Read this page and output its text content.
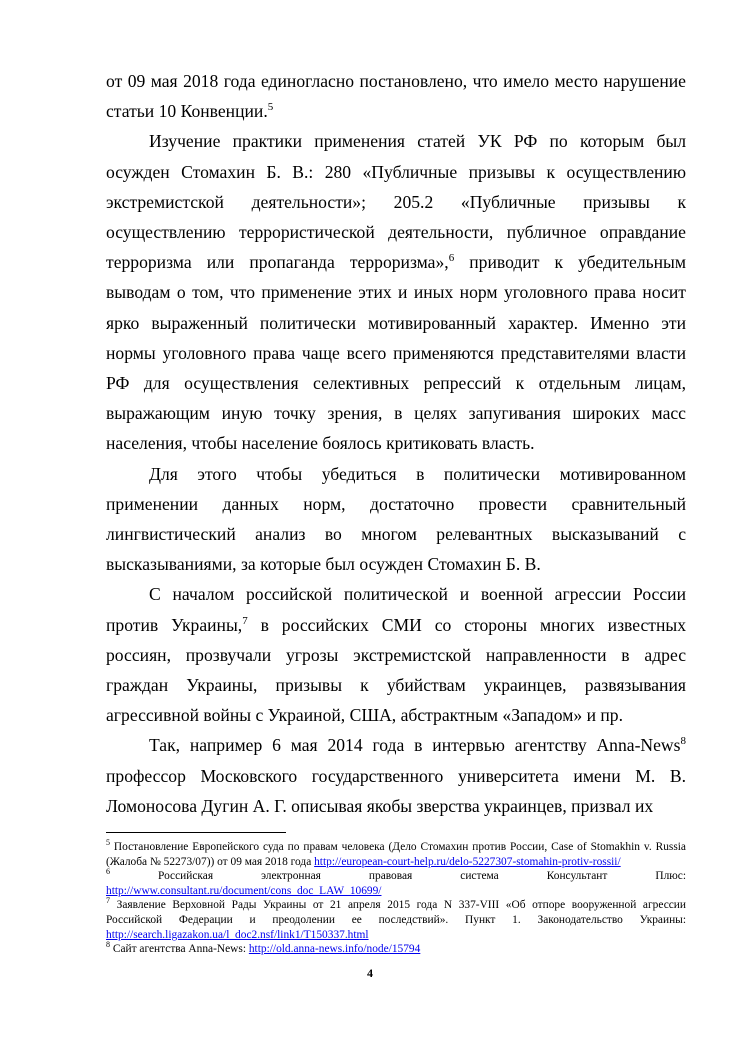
от 09 мая 2018 года единогласно постановлено, что имело место нарушение статьи 10 Конвенции.$^5$

Изучение практики применения статей УК РФ по которым был осужден Стомахин Б. В.: 280 «Публичные призывы к осуществлению экстремистской деятельности»; 205.2 «Публичные призывы к осуществлению террористической деятельности, публичное оправдание терроризма или пропаганда терроризма»,$^6$ приводит к убедительным выводам о том, что применение этих и иных норм уголовного права носит ярко выраженный политически мотивированный характер. Именно эти нормы уголовного права чаще всего применяются представителями власти РФ для осуществления селективных репрессий к отдельным лицам, выражающим иную точку зрения, в целях запугивания широких масс населения, чтобы население боялось критиковать власть.

Для этого чтобы убедиться в политически мотивированном применении данных норм, достаточно провести сравнительный лингвистический анализ во многом релевантных высказываний с высказываниями, за которые был осужден Стомахин Б. В.

С началом российской политической и военной агрессии России против Украины,$^7$ в российских СМИ со стороны многих известных россиян, прозвучали угрозы экстремистской направленности в адрес граждан Украины, призывы к убийствам украинцев, развязывания агрессивной войны с Украиной, США, абстрактным «Западом» и пр.

Так, например 6 мая 2014 года в интервью агентству Anna-News$^8$ профессор Московского государственного университета имени М. В. Ломоносова Дугин А. Г. описывая якобы зверства украинцев, призвал их

$^5$ Постановление Европейского суда по правам человека (Дело Стомахин против России, Case of Stomakhin v. Russia (Жалоба № 52273/07)) от 09 мая 2018 года http://european-court-help.ru/delo-5227307-stomahin-protiv-rossii/

$^6$ Российская электронная правовая система Консультант Плюс: http://www.consultant.ru/document/cons_doc_LAW_10699/

$^7$ Заявление Верховной Рады Украины от 21 апреля 2015 года N 337-VIII «Об отпоре вооруженной агрессии Российской Федерации и преодолении ее последствий». Пункт 1. Законодательство Украины: http://search.ligazakon.ua/l_doc2.nsf/link1/T150337.html

$^8$ Сайт агентства Anna-News: http://old.anna-news.info/node/15794

4
